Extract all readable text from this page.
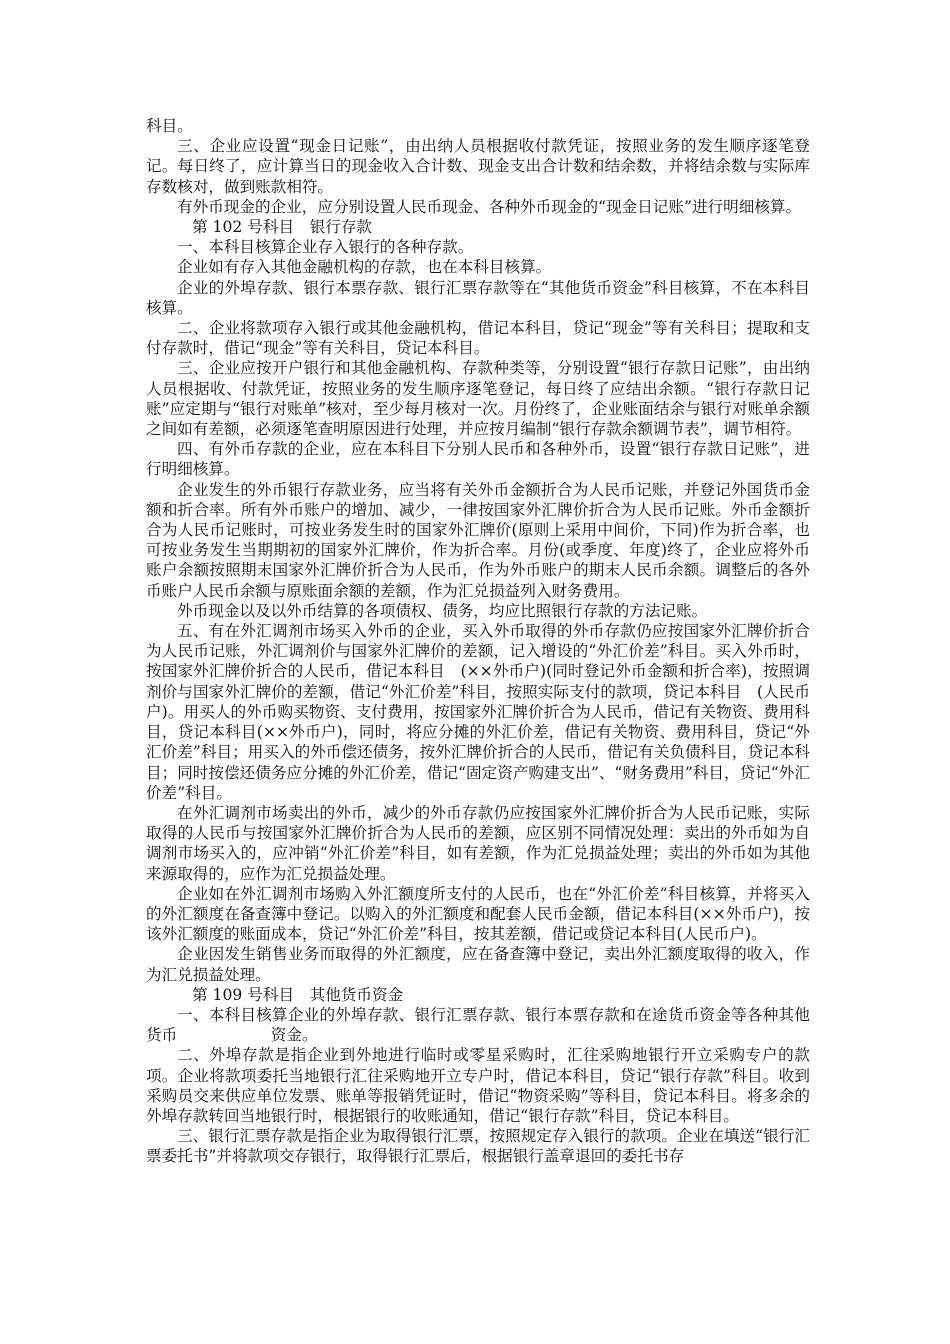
科目。

三、企业应设置“现金日记账”，由出纳人员根据收付款凭证，按照业务的发生顺序逐笔登记。每日终了，应计算当日的现金收入合计数、现金支出合计数和结余数，并将结余数与实际库存数核对，做到账款相符。

有外币现金的企业，应分别设置人民币现金、各种外币现金的“现金日记账”进行明细核算。

第 102 号科目　银行存款

一、本科目核算企业存入银行的各种存款。

企业如有存入其他金融机构的存款，也在本科目核算。

企业的外埠存款、银行本票存款、银行汇票存款等在“其他货币资金”科目核算，不在本科目核算。

二、企业将款项存入银行或其他金融机构，借记本科目，贷记“现金”等有关科目；提取和支付存款时，借记“现金”等有关科目，贷记本科目。

三、企业应按开户银行和其他金融机构、存款种类等，分别设置“银行存款日记账”，由出纳人员根据收、付款凭证，按照业务的发生顺序逐笔登记，每日终了应结出余额。“银行存款日记账”应定期与“银行对账单”核对，至少每月核对一次。月份终了，企业账面结余与银行对账单余额之间如有差额，必须逐笔查明原因进行处理，并应按月编制“银行存款余额调节表”，调节相符。

四、有外币存款的企业，应在本科目下分别人民币和各种外币，设置“银行存款日记账”，进行明细核算。

企业发生的外币银行存款业务，应当将有关外币金额折合为人民币记账，并登记外国货币金额和折合率。所有外币账户的增加、减少，一律按国家外汇牌价折合为人民币记账。外币金额折合为人民币记账时，可按业务发生时的国家外汇牌价(原则上采用中间价，下同)作为折合率，也可按业务发生当期期初的国家外汇牌价，作为折合率。月份(或季度、年度)终了，企业应将外币账户余额按照期末国家外汇牌价折合为人民币，作为外币账户的期末人民币余额。调整后的各外币账户人民币余额与原账面余额的差额，作为汇兑损益列入财务费用。

外币现金以及以外币结算的各项债权、债务，均应比照银行存款的方法记账。

五、有在外汇调剂市场买入外币的企业，买入外币取得的外币存款仍应按国家外汇牌价折合为人民币记账，外汇调剂价与国家外汇牌价的差额，记入增设的“外汇价差”科目。买入外币时，按国家外汇牌价折合的人民币，借记本科目　(××外币户)(同时登记外币金额和折合率)，按照调剂价与国家外汇牌价的差额，借记“外汇价差”科目，按照实际支付的款项，贷记本科目　(人民币户)。用买人的外币购买物资、支付费用，按国家外汇牌价折合为人民币，借记有关物资、费用科目，贷记本科目(××外币户)，同时，将应分摊的外汇价差，借记有关物资、费用科目，贷记“外汇价差”科目；用买入的外币偿还债务，按外汇牌价折合的人民币，借记有关负债科目，贷记本科目；同时按偿还债务应分摊的外汇价差，借记“固定资产购建支出”、“财务费用”科目，贷记“外汇价差”科目。

在外汇调剂市场卖出的外币，减少的外币存款仍应按国家外汇牌价折合为人民币记账，实际取得的人民币与按国家外汇牌价折合为人民币的差额，应区别不同情况处理：卖出的外币如为自调剂市场买入的，应冲销“外汇价差”科目，如有差额，作为汇兑损益处理；卖出的外币如为其他来源取得的，应作为汇兑损益处理。

企业如在外汇调剂市场购入外汇额度所支付的人民币，也在“外汇价差”科目核算，并将买入的外汇额度在备查簿中登记。以购入的外汇额度和配套人民币金额，借记本科目(××外币户)，按该外汇额度的账面成本，贷记“外汇价差”科目，按其差额，借记或贷记本科目(人民币户)。

企业因发生销售业务而取得的外汇额度，应在备查簿中登记，卖出外汇额度取得的收入，作为汇兑损益处理。

第 109 号科目　其他货币资金

一、本科目核算企业的外埠存款、银行汇票存款、银行本票存款和在途货币资金等各种其他货币　　　　　　资金。

二、外埠存款是指企业到外地进行临时或零星采购时，汇往采购地银行开立采购专户的款项。企业将款项委托当地银行汇往采购地开立专户时，借记本科目，贷记“银行存款”科目。收到采购员交来供应单位发票、账单等报销凭证时，借记“物资采购”等科目，贷记本科目。将多余的外埠存款转回当地银行时，根据银行的收账通知，借记“银行存款”科目，贷记本科目。

三、银行汇票存款是指企业为取得银行汇票，按照规定存入银行的款项。企业在填送“银行汇票委托书”并将款项交存银行，取得银行汇票后，根据银行盖章退回的委托书存
